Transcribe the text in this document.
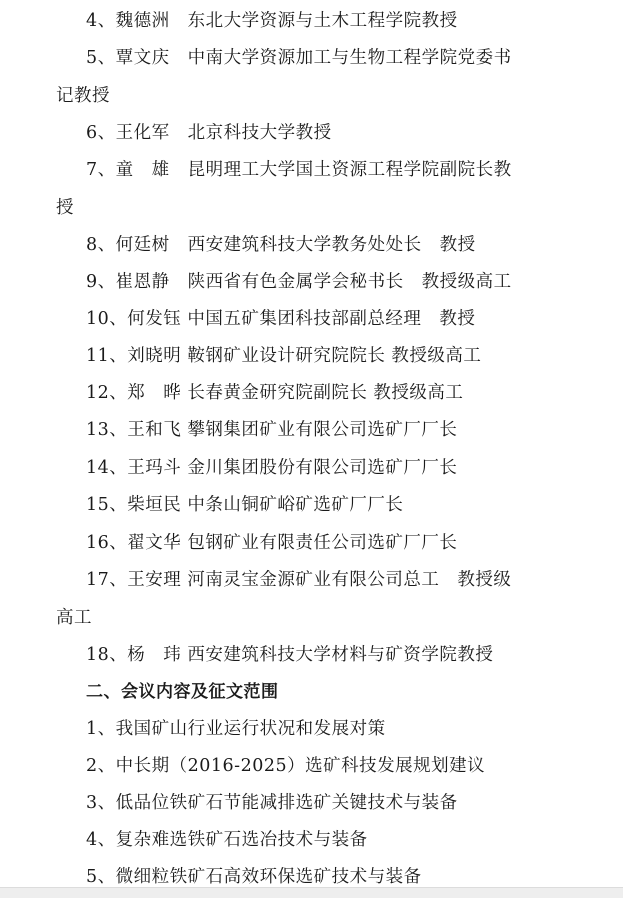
4、魏德洲　东北大学资源与土木工程学院教授
5、覃文庆　中南大学资源加工与生物工程学院党委书
记教授
6、王化军　北京科技大学教授
7、童　雄　昆明理工大学国土资源工程学院副院长教
授
8、何廷树　西安建筑科技大学教务处处长　教授
9、崔恩静　陕西省有色金属学会秘书长　教授级高工
10、何发钰 中国五矿集团科技部副总经理　教授
11、刘晓明 鞍钢矿业设计研究院院长 教授级高工
12、郑　晔 长春黄金研究院副院长 教授级高工
13、王和飞 攀钢集团矿业有限公司选矿厂厂长
14、王玛斗 金川集团股份有限公司选矿厂厂长
15、柴垣民 中条山铜矿峪矿选矿厂厂长
16、翟文华 包钢矿业有限责任公司选矿厂厂长
17、王安理 河南灵宝金源矿业有限公司总工　教授级
高工
18、杨　玮 西安建筑科技大学材料与矿资学院教授
二、会议内容及征文范围
1、我国矿山行业运行状况和发展对策
2、中长期（2016-2025）选矿科技发展规划建议
3、低品位铁矿石节能减排选矿关键技术与装备
4、复杂难选铁矿石选冶技术与装备
5、微细粒铁矿石高效环保选矿技术与装备
